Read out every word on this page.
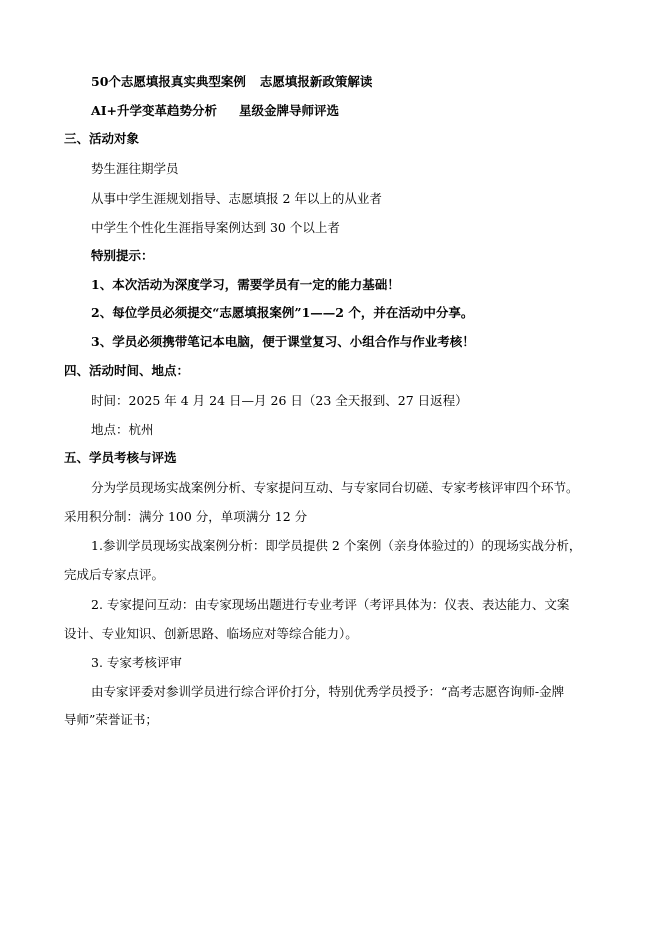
50个志愿填报真实典型案例 志愿填报新政策解读
AI+升学变革趋势分析 星级金牌导师评选
三、活动对象
势生涯往期学员
从事中学生涯规划指导、志愿填报 2 年以上的从业者
中学生个性化生涯指导案例达到 30 个以上者
特别提示：
1、本次活动为深度学习，需要学员有一定的能力基础！
2、每位学员必须提交“志愿填报案例”1——2 个，并在活动中分享。
3、学员必须携带笔记本电脑，便于课堂复习、小组合作与作业考核！
四、活动时间、地点：
时间：2025 年 4 月 24 日—月 26 日（23 全天报到、27 日返程）
地点：杭州
五、学员考核与评选
分为学员现场实战案例分析、专家提问互动、与专家同台切磋、专家考核评审四个环节。
采用积分制：满分 100 分，单项满分 12 分
1.参训学员现场实战案例分析：即学员提供 2 个案例（亲身体验过的）的现场实战分析，
完成后专家点评。
2. 专家提问互动：由专家现场出题进行专业考评（考评具体为：仪表、表达能力、文案
设计、专业知识、创新思路、临场应对等综合能力）。
3. 专家考核评审
由专家评委对参训学员进行综合评价打分，特别优秀学员授予：“高考志愿咨询师-金牌
导师”荣誉证书；
